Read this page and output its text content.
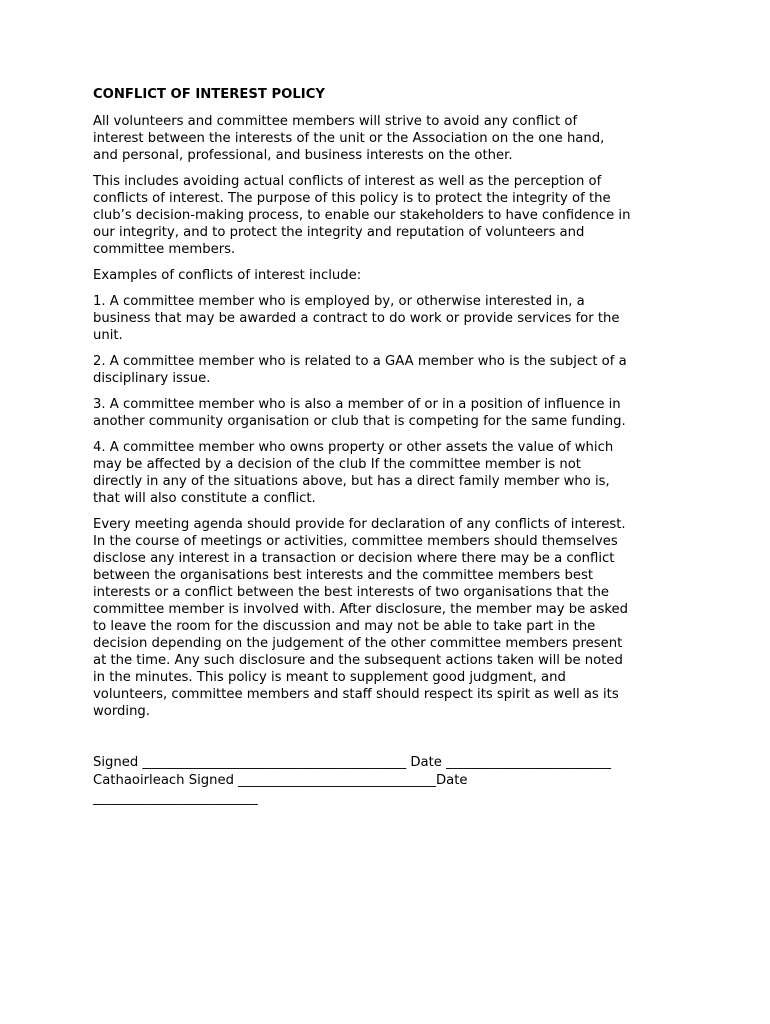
CONFLICT OF INTEREST POLICY

All volunteers and committee members will strive to avoid any conflict of
interest between the interests of the unit or the Association on the one hand,
and personal, professional, and business interests on the other.

This includes avoiding actual conflicts of interest as well as the perception of
conflicts of interest. The purpose of this policy is to protect the integrity of the
club’s decision-making process, to enable our stakeholders to have confidence in
our integrity, and to protect the integrity and reputation of volunteers and
committee members.

Examples of conflicts of interest include:

1. A committee member who is employed by, or otherwise interested in, a
business that may be awarded a contract to do work or provide services for the
unit.

2. A committee member who is related to a GAA member who is the subject of a
disciplinary issue.

3. A committee member who is also a member of or in a position of influence in
another community organisation or club that is competing for the same funding.

4. A committee member who owns property or other assets the value of which
may be affected by a decision of the club If the committee member is not
directly in any of the situations above, but has a direct family member who is,
that will also constitute a conflict.

Every meeting agenda should provide for declaration of any conflicts of interest.
In the course of meetings or activities, committee members should themselves
disclose any interest in a transaction or decision where there may be a conflict
between the organisations best interests and the committee members best
interests or a conflict between the best interests of two organisations that the
committee member is involved with. After disclosure, the member may be asked
to leave the room for the discussion and may not be able to take part in the
decision depending on the judgement of the other committee members present
at the time. Any such disclosure and the subsequent actions taken will be noted
in the minutes. This policy is meant to supplement good judgment, and
volunteers, committee members and staff should respect its spirit as well as its
wording.

Signed ________________________________________ Date _________________________
Cathaoirleach Signed ______________________________Date
_________________________
